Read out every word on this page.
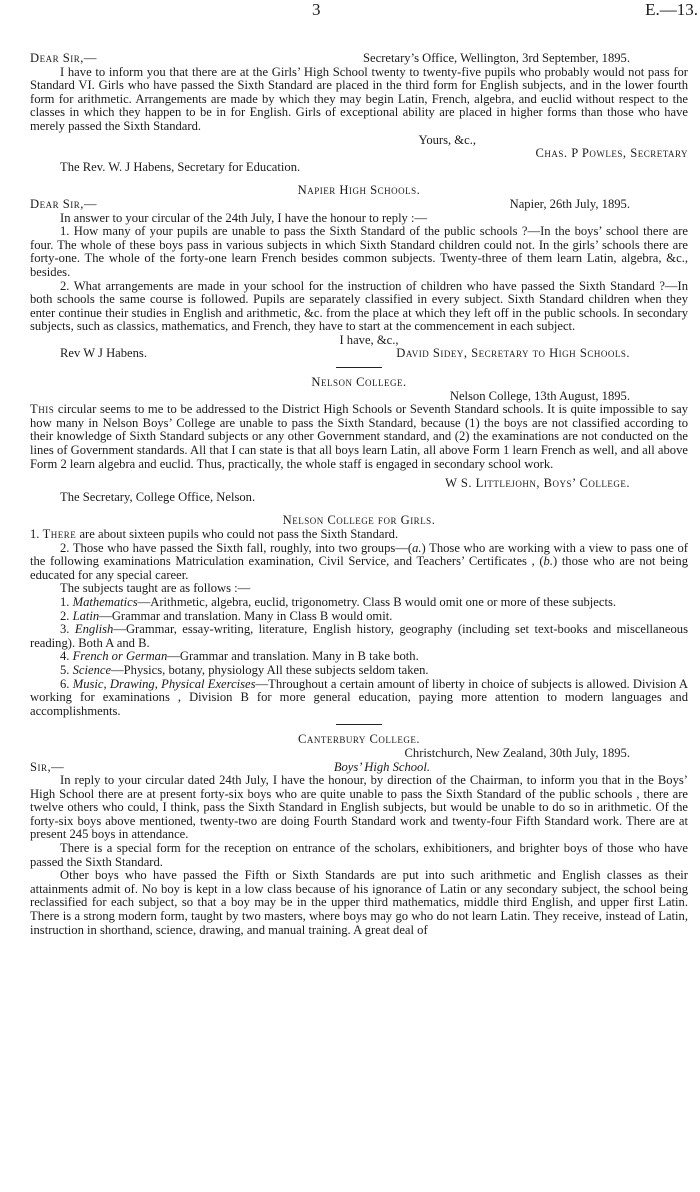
3	E.—13.
Dear Sir,—	Secretary’s Office, Wellington, 3rd September, 1895.

I have to inform you that there are at the Girls’ High School twenty to twenty-five pupils who probably would not pass for Standard VI. Girls who have passed the Sixth Standard are placed in the third form for English subjects, and in the lower fourth form for arithmetic. Arrangements are made by which they may begin Latin, French, algebra, and euclid without respect to the classes in which they happen to be in for English. Girls of exceptional ability are placed in higher forms than those who have merely passed the Sixth Standard.

Yours, &c.,

Chas. P Powles, Secretary

The Rev. W. J Habens, Secretary for Education.

Napier High Schools.

Dear Sir,—	Napier, 26th July, 1895.

In answer to your circular of the 24th July, I have the honour to reply :—

1. How many of your pupils are unable to pass the Sixth Standard of the public schools ?—In the boys’ school there are four. The whole of these boys pass in various subjects in which Sixth Standard children could not. In the girls’ schools there are forty-one. The whole of the forty-one learn French besides common subjects. Twenty-three of them learn Latin, algebra, &c., besides.

2. What arrangements are made in your school for the instruction of children who have passed the Sixth Standard ?—In both schools the same course is followed. Pupils are separately classified in every subject. Sixth Standard children when they enter continue their studies in English and arithmetic, &c. from the place at which they left off in the public schools. In secondary subjects, such as classics, mathematics, and French, they have to start at the commencement in each subject.

I have, &c.,

Rev W J Habens.	David Sidey, Secretary to High Schools.

Nelson College.

Nelson College, 13th August, 1895.

This circular seems to me to be addressed to the District High Schools or Seventh Standard schools. It is quite impossible to say how many in Nelson Boys’ College are unable to pass the Sixth Standard, because (1) the boys are not classified according to their knowledge of Sixth Standard subjects or any other Government standard, and (2) the examinations are not conducted on the lines of Government standards. All that I can state is that all boys learn Latin, all above Form 1 learn French as well, and all above Form 2 learn algebra and euclid. Thus, practically, the whole staff is engaged in secondary school work.

W S. Littlejohn, Boys’ College.

The Secretary, College Office, Nelson.

Nelson College for Girls.

1. There are about sixteen pupils who could not pass the Sixth Standard.

2. Those who have passed the Sixth fall, roughly, into two groups—(a.) Those who are working with a view to pass one of the following examinations Matriculation examination, Civil Service, and Teachers’ Certificates , (b.) those who are not being educated for any special career.

The subjects taught are as follows :—

1. Mathematics—Arithmetic, algebra, euclid, trigonometry. Class B would omit one or more of these subjects.

2. Latin—Grammar and translation. Many in Class B would omit.

3. English—Grammar, essay-writing, literature, English history, geography (including set text-books and miscellaneous reading). Both A and B.

4. French or German—Grammar and translation. Many in B take both.

5. Science—Physics, botany, physiology All these subjects seldom taken.

6. Music, Drawing, Physical Exercises—Throughout a certain amount of liberty in choice of subjects is allowed. Division A working for examinations , Division B for more general education, paying more attention to modern languages and accomplishments.

Canterbury College.

Christchurch, New Zealand, 30th July, 1895.

Sir,—	Boys’ High School.

In reply to your circular dated 24th July, I have the honour, by direction of the Chairman, to inform you that in the Boys’ High School there are at present forty-six boys who are quite unable to pass the Sixth Standard of the public schools , there are twelve others who could, I think, pass the Sixth Standard in English subjects, but would be unable to do so in arithmetic. Of the forty-six boys above mentioned, twenty-two are doing Fourth Standard work and twenty-four Fifth Standard work. There are at present 245 boys in attendance.

There is a special form for the reception on entrance of the scholars, exhibitioners, and brighter boys of those who have passed the Sixth Standard.

Other boys who have passed the Fifth or Sixth Standards are put into such arithmetic and English classes as their attainments admit of. No boy is kept in a low class because of his ignorance of Latin or any secondary subject, the school being reclassified for each subject, so that a boy may be in the upper third mathematics, middle third English, and upper first Latin. There is a strong modern form, taught by two masters, where boys may go who do not learn Latin. They receive, instead of Latin, instruction in shorthand, science, drawing, and manual training. A great deal of
